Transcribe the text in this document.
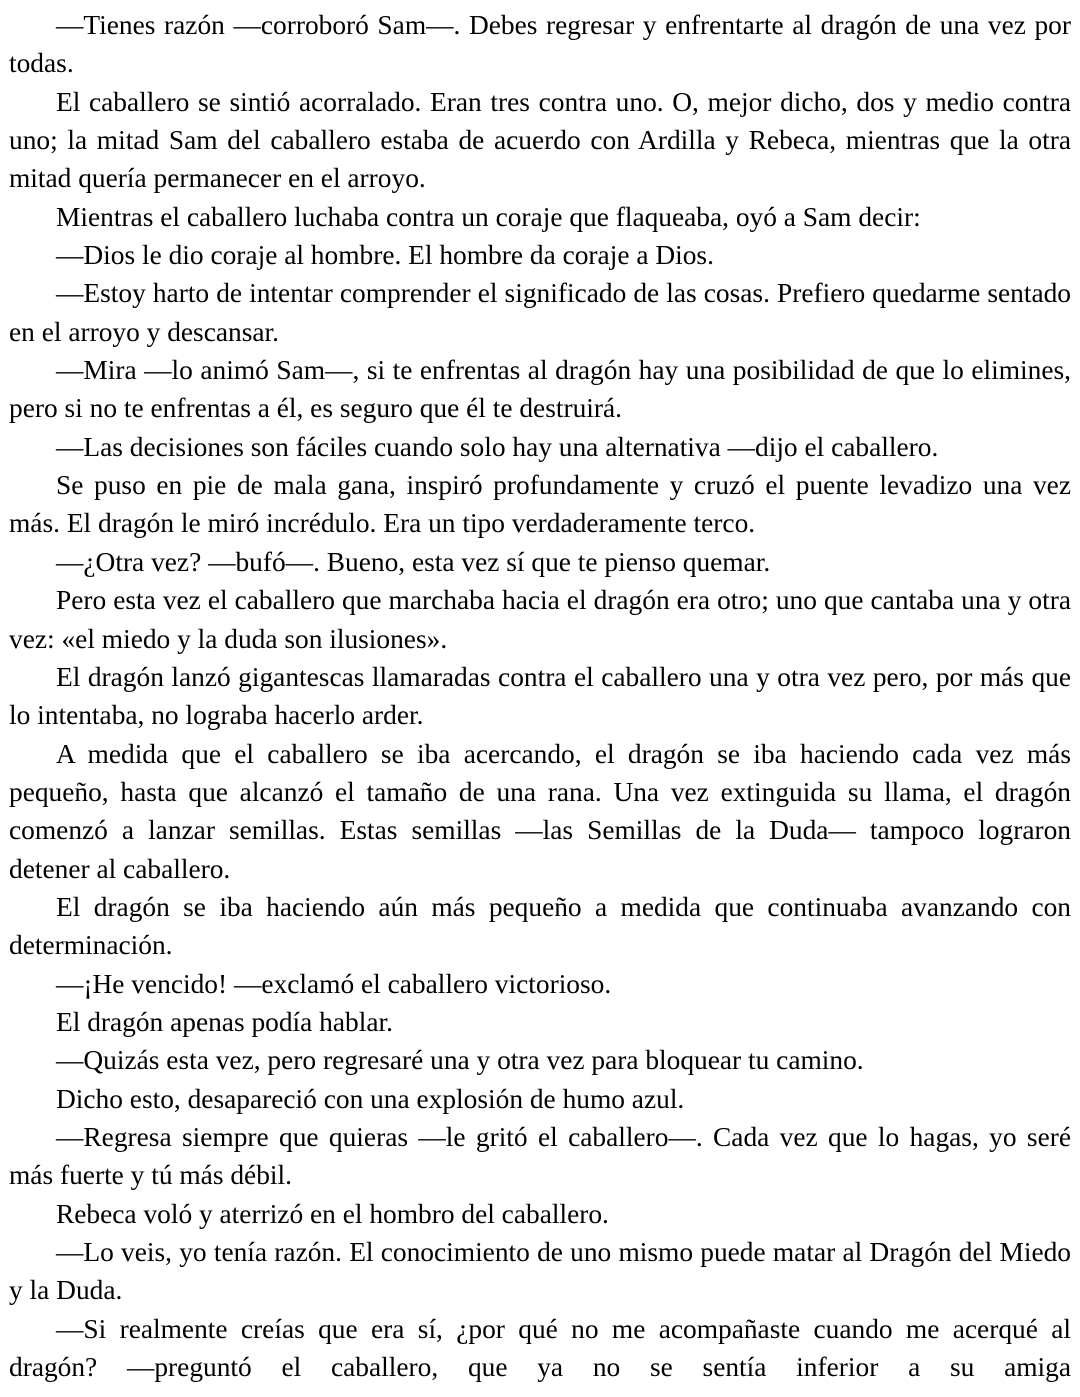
—Tienes razón —corroboró Sam—. Debes regresar y enfrentarte al dragón de una vez por todas.

El caballero se sintió acorralado. Eran tres contra uno. O, mejor dicho, dos y medio contra uno; la mitad Sam del caballero estaba de acuerdo con Ardilla y Rebeca, mientras que la otra mitad quería permanecer en el arroyo.

Mientras el caballero luchaba contra un coraje que flaqueaba, oyó a Sam decir:

—Dios le dio coraje al hombre. El hombre da coraje a Dios.

—Estoy harto de intentar comprender el significado de las cosas. Prefiero quedarme sentado en el arroyo y descansar.

—Mira —lo animó Sam—, si te enfrentas al dragón hay una posibilidad de que lo elimines, pero si no te enfrentas a él, es seguro que él te destruirá.

—Las decisiones son fáciles cuando solo hay una alternativa —dijo el caballero.

Se puso en pie de mala gana, inspiró profundamente y cruzó el puente levadizo una vez más. El dragón le miró incrédulo. Era un tipo verdaderamente terco.

—¿Otra vez? —bufó—. Bueno, esta vez sí que te pienso quemar.

Pero esta vez el caballero que marchaba hacia el dragón era otro; uno que cantaba una y otra vez: «el miedo y la duda son ilusiones».

El dragón lanzó gigantescas llamaradas contra el caballero una y otra vez pero, por más que lo intentaba, no lograba hacerlo arder.

A medida que el caballero se iba acercando, el dragón se iba haciendo cada vez más pequeño, hasta que alcanzó el tamaño de una rana. Una vez extinguida su llama, el dragón comenzó a lanzar semillas. Estas semillas —las Semillas de la Duda— tampoco lograron detener al caballero.

El dragón se iba haciendo aún más pequeño a medida que continuaba avanzando con determinación.

—¡He vencido! —exclamó el caballero victorioso.

El dragón apenas podía hablar.

—Quizás esta vez, pero regresaré una y otra vez para bloquear tu camino.

Dicho esto, desapareció con una explosión de humo azul.

—Regresa siempre que quieras —le gritó el caballero—. Cada vez que lo hagas, yo seré más fuerte y tú más débil.

Rebeca voló y aterrizó en el hombro del caballero.

—Lo veis, yo tenía razón. El conocimiento de uno mismo puede matar al Dragón del Miedo y la Duda.

—Si realmente creías que era sí, ¿por qué no me acompañaste cuando me acerqué al dragón? —preguntó el caballero, que ya no se sentía inferior a su amiga
